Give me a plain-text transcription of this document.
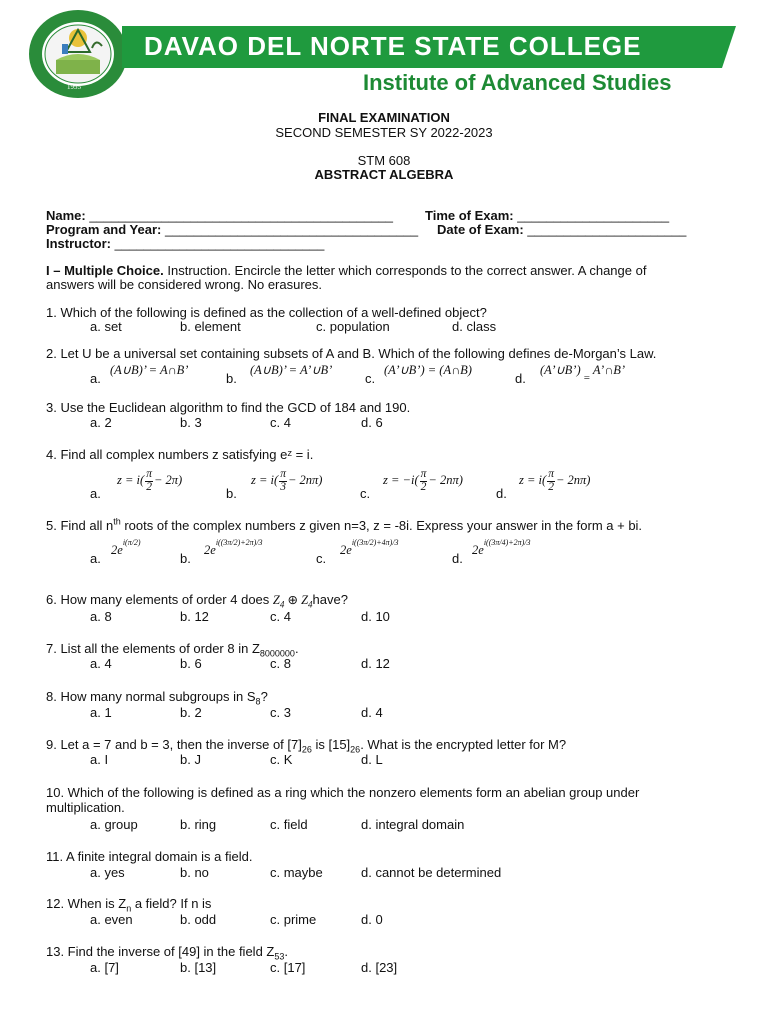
1995
DAVAO DEL NORTE STATE COLLEGE
Institute of Advanced Studies
FINAL EXAMINATION
SECOND SEMESTER SY 2022-2023
STM 608
ABSTRACT ALGEBRA
Name: __________________________________________ Time of Exam: _____________________
Program and Year: ___________________________________ Date of Exam: ______________________
Instructor: _____________________________
I – Multiple Choice. Instruction. Encircle the letter which corresponds to the correct answer. A change of
answers will be considered wrong. No erasures.
1. Which of the following is defined as the collection of a well-defined object?
a. set	b. element	c. population	d. class
2. Let U be a universal set containing subsets of A and B. Which of the following defines de-Morgan’s Law.
a.
(A∪B)’ = A∩B’
b.
(A∪B)’ = A’∪B’
c.
(A’∪B’) = (A∩B)
d.
(A’∪B’) = A’∩B’
3. Use the Euclidean algorithm to find the GCD of 184 and 190.
a. 2	b. 3	c. 4	d. 6
4. Find all complex numbers z satisfying eᶻ = i.
a.
$z = i( \frac{\pi}{2} - 2\pi)$
b.
$z = i( \frac{\pi}{3} - 2n\pi)$
c.
$z = -i( \frac{\pi}{2} - 2n\pi)$
d.
$z = i( \frac{\pi}{2} - 2n\pi)$
5. Find all $n^{th}$ roots of the complex numbers z given n=3, z = -8i. Express your answer in the form a + bi.
a.
$2e^{i(\pi/2)}$
b.
$2e^{i((3\pi/2)+2\pi)/3}$
c.
$2e^{i((3\pi/2)+4\pi)/3}$
d.
$2e^{i((3\pi/4)+2\pi)/3}$
6. How many elements of order 4 does $Z_4$ ⊕ $Z_4have$?
a. 8	b. 12	c. 4	d. 10
7. List all the elements of order 8 in $Z_{8000000}$.
a. 4	b. 6	c. 8	d. 12
8. How many normal subgroups in $S_8$?
a. 1	b. 2	c. 3	d. 4
9. Let a = 7 and b = 3, then the inverse of $[7]_{26}$ is $[15]_{26}$. What is the encrypted letter for M?
a. I	b. J	c. K	d. L
10. Which of the following is defined as a ring which the nonzero elements form an abelian group under
multiplication.
a. group	b. ring	c. field	d. integral domain
11. A finite integral domain is a field.
a. yes	b. no	c. maybe	d. cannot be determined
12. When is $Z_n$ a field? If n is
a. even	b. odd	c. prime	d. 0
13. Find the inverse of [49] in the field $Z_{53}$.
a. [7]	b. [13]	c. [17]	d. [23]
